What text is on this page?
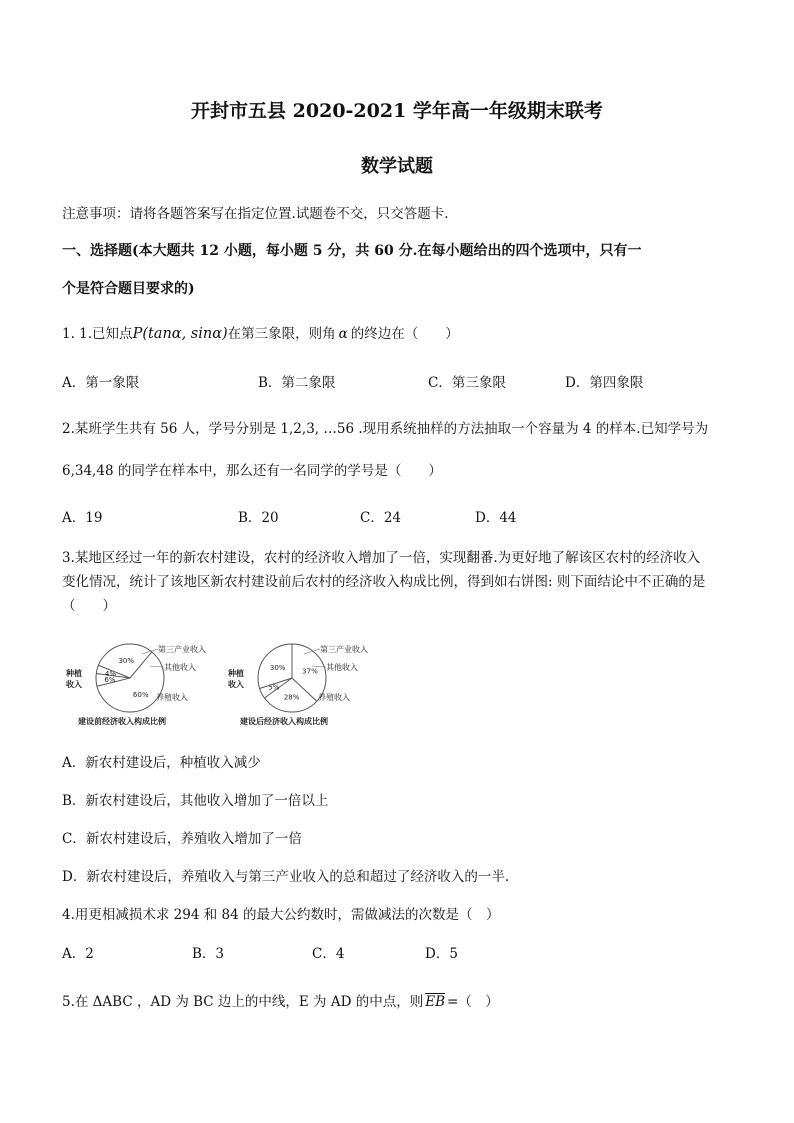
开封市五县 2020-2021 学年高一年级期末联考
数学试题
注意事项：请将各题答案写在指定位置.试题卷不交，只交答题卡.
一、选择题(本大题共 12 小题，每小题 5 分，共 60 分.在每小题给出的四个选项中，只有一
个是符合题目要求的)
1. 1.已知点P(tanα, sinα)在第三象限，则角 α 的终边在（　　）
A．第一象限	B．第二象限	C．第三象限	D．第四象限
2.某班学生共有 56 人，学号分别是 1,2,3, …56 .现用系统抽样的方法抽取一个容量为 4 的样本.已知学号为
6,34,48 的同学在样本中，那么还有一名同学的学号是（　　）
A．19	B．20	C．24	D．44
3.某地区经过一年的新农村建设，农村的经济收入增加了一倍，实现翻番.为更好地了解该区农村的经济收入
变化情况，统计了该地区新农村建设前后农村的经济收入构成比例，得到如右饼图: 则下面结论中不正确的是
（　　）
60%
6%
4%
30%
种植
收入
第三产业收入
其他收入
养殖收入
建设前经济收入构成比例
37%
28%
5%
30%
种植
收入
第三产业收入
其他收入
养殖收入
建设后经济收入构成比例
A．新农村建设后，种植收入减少
B．新农村建设后，其他收入增加了一倍以上
C．新农村建设后，养殖收入增加了一倍
D．新农村建设后，养殖收入与第三产业收入的总和超过了经济收入的一半.
4.用更相减损术求 294 和 84 的最大公约数时，需做减法的次数是（　）
A．2	B．3	C．4	D．5
5.在 ΔABC ，AD 为 BC 边上的中线，E 为 AD 的中点，则 $\overline{EB}$ =（　）
